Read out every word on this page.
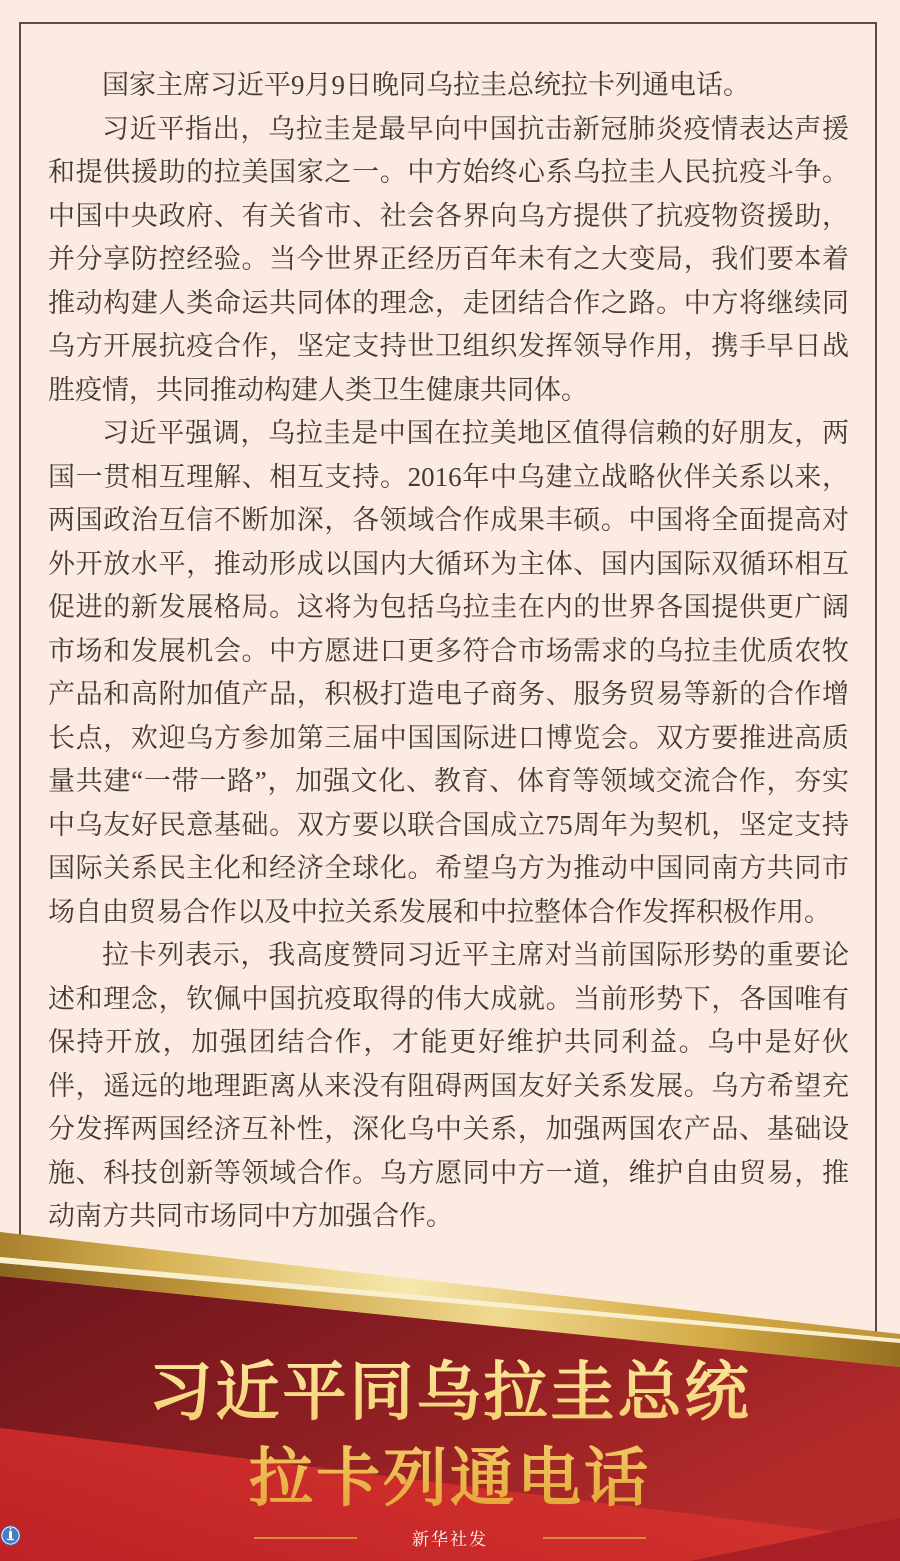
国家主席习近平9月9日晚同乌拉圭总统拉卡列通电话。

习近平指出，乌拉圭是最早向中国抗击新冠肺炎疫情表达声援和提供援助的拉美国家之一。中方始终心系乌拉圭人民抗疫斗争。中国中央政府、有关省市、社会各界向乌方提供了抗疫物资援助，并分享防控经验。当今世界正经历百年未有之大变局，我们要本着推动构建人类命运共同体的理念，走团结合作之路。中方将继续同乌方开展抗疫合作，坚定支持世卫组织发挥领导作用，携手早日战胜疫情，共同推动构建人类卫生健康共同体。

习近平强调，乌拉圭是中国在拉美地区值得信赖的好朋友，两国一贯相互理解、相互支持。2016年中乌建立战略伙伴关系以来，两国政治互信不断加深，各领域合作成果丰硕。中国将全面提高对外开放水平，推动形成以国内大循环为主体、国内国际双循环相互促进的新发展格局。这将为包括乌拉圭在内的世界各国提供更广阔市场和发展机会。中方愿进口更多符合市场需求的乌拉圭优质农牧产品和高附加值产品，积极打造电子商务、服务贸易等新的合作增长点，欢迎乌方参加第三届中国国际进口博览会。双方要推进高质量共建“一带一路”，加强文化、教育、体育等领域交流合作，夯实中乌友好民意基础。双方要以联合国成立75周年为契机，坚定支持国际关系民主化和经济全球化。希望乌方为推动中国同南方共同市场自由贸易合作以及中拉关系发展和中拉整体合作发挥积极作用。

拉卡列表示，我高度赞同习近平主席对当前国际形势的重要论述和理念，钦佩中国抗疫取得的伟大成就。当前形势下，各国唯有保持开放，加强团结合作，才能更好维护共同利益。乌中是好伙伴，遥远的地理距离从来没有阻碍两国友好关系发展。乌方希望充分发挥两国经济互补性，深化乌中关系，加强两国农产品、基础设施、科技创新等领域合作。乌方愿同中方一道，维护自由贸易，推动南方共同市场同中方加强合作。

习近平同乌拉圭总统
拉卡列通电话
新华社发
